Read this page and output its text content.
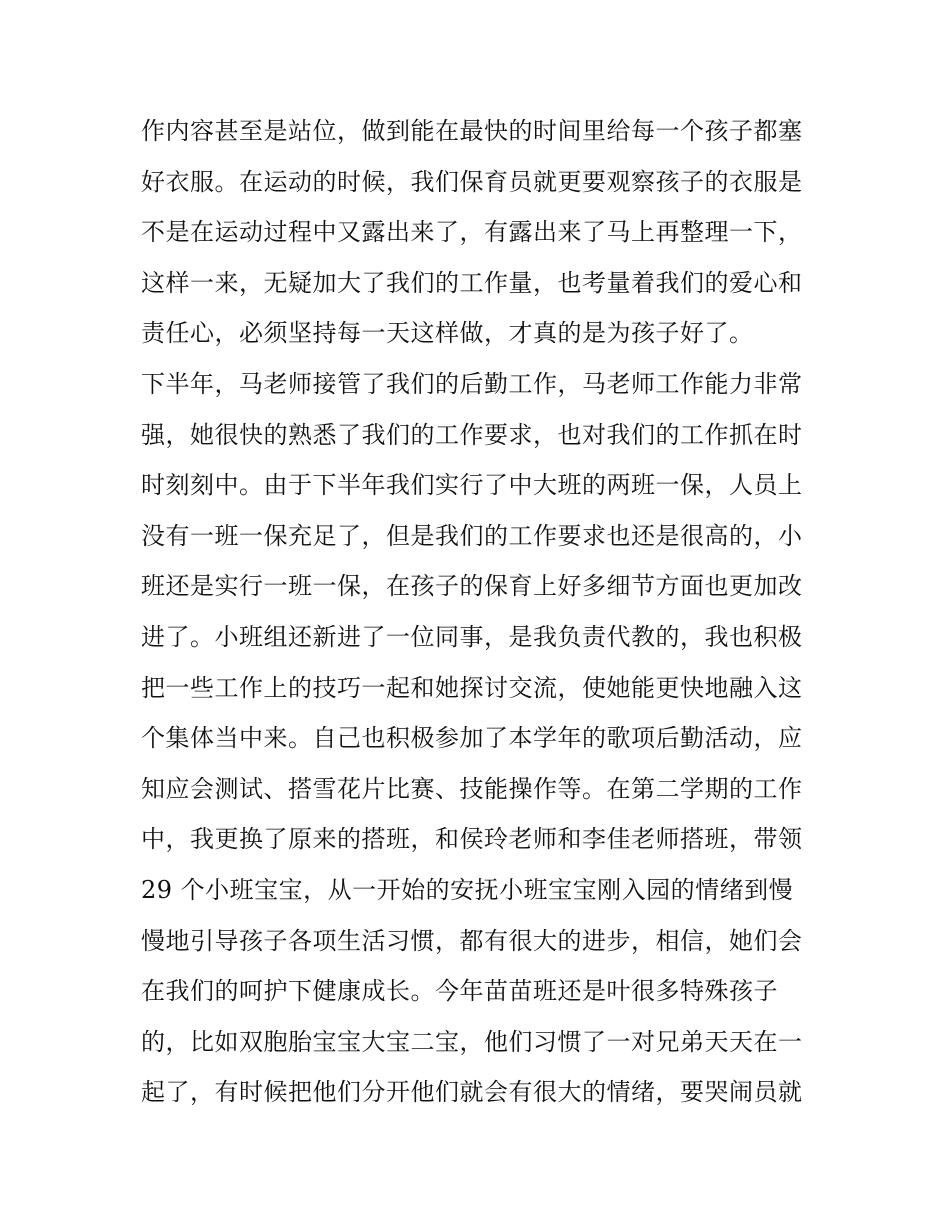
作内容甚至是站位，做到能在最快的时间里给每一个孩子都塞
好衣服。在运动的时候，我们保育员就更要观察孩子的衣服是
不是在运动过程中又露出来了，有露出来了马上再整理一下，
这样一来，无疑加大了我们的工作量，也考量着我们的爱心和
责任心，必须坚持每一天这样做，才真的是为孩子好了。
下半年，马老师接管了我们的后勤工作，马老师工作能力非常
强，她很快的熟悉了我们的工作要求，也对我们的工作抓在时
时刻刻中。由于下半年我们实行了中大班的两班一保，人员上
没有一班一保充足了，但是我们的工作要求也还是很高的，小
班还是实行一班一保，在孩子的保育上好多细节方面也更加改
进了。小班组还新进了一位同事，是我负责代教的，我也积极
把一些工作上的技巧一起和她探讨交流，使她能更快地融入这
个集体当中来。自己也积极参加了本学年的歌项后勤活动，应
知应会测试、搭雪花片比赛、技能操作等。在第二学期的工作
中，我更换了原来的搭班，和侯玲老师和李佳老师搭班，带领
29 个小班宝宝，从一开始的安抚小班宝宝刚入园的情绪到慢
慢地引导孩子各项生活习惯，都有很大的进步，相信，她们会
在我们的呵护下健康成长。今年苗苗班还是叶很多特殊孩子
的，比如双胞胎宝宝大宝二宝，他们习惯了一对兄弟天天在一
起了，有时候把他们分开他们就会有很大的情绪，要哭闹员就
